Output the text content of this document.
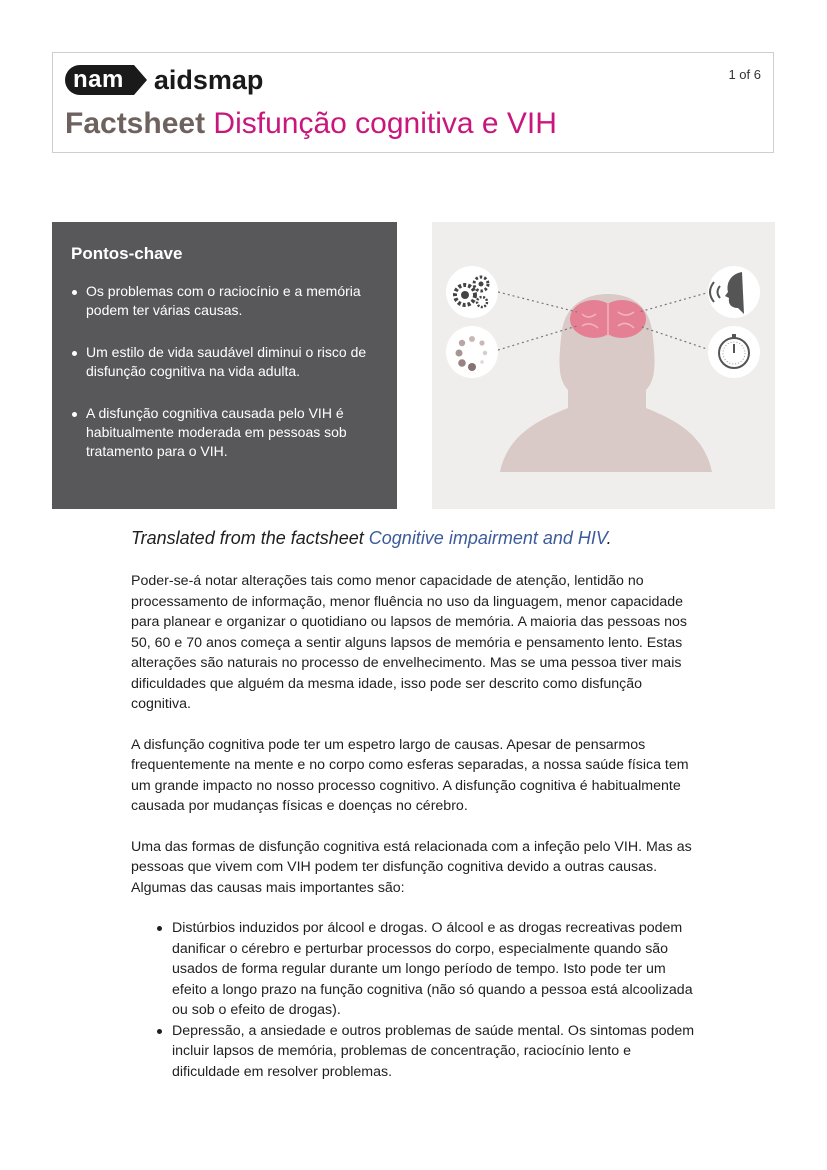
nam	aidsmap	1 of 6
Factsheet Disfunção cognitiva e VIH
Pontos-chave
Os problemas com o raciocínio e a memória podem ter várias causas.
Um estilo de vida saudável diminui o risco de disfunção cognitiva na vida adulta.
A disfunção cognitiva causada pelo VIH é habitualmente moderada em pessoas sob tratamento para o VIH.

Translated from the factsheet Cognitive impairment and HIV.

Poder-se-á notar alterações tais como menor capacidade de atenção, lentidão no processamento de informação, menor fluência no uso da linguagem, menor capacidade para planear e organizar o quotidiano ou lapsos de memória. A maioria das pessoas nos 50, 60 e 70 anos começa a sentir alguns lapsos de memória e pensamento lento. Estas alterações são naturais no processo de envelhecimento. Mas se uma pessoa tiver mais dificuldades que alguém da mesma idade, isso pode ser descrito como disfunção cognitiva.

A disfunção cognitiva pode ter um espetro largo de causas. Apesar de pensarmos frequentemente na mente e no corpo como esferas separadas, a nossa saúde física tem um grande impacto no nosso processo cognitivo. A disfunção cognitiva é habitualmente causada por mudanças físicas e doenças no cérebro.

Uma das formas de disfunção cognitiva está relacionada com a infeção pelo VIH. Mas as pessoas que vivem com VIH podem ter disfunção cognitiva devido a outras causas. Algumas das causas mais importantes são:

Distúrbios induzidos por álcool e drogas. O álcool e as drogas recreativas podem danificar o cérebro e perturbar processos do corpo, especialmente quando são usados de forma regular durante um longo período de tempo. Isto pode ter um efeito a longo prazo na função cognitiva (não só quando a pessoa está alcoolizada ou sob o efeito de drogas).
Depressão, a ansiedade e outros problemas de saúde mental. Os sintomas podem incluir lapsos de memória, problemas de concentração, raciocínio lento e dificuldade em resolver problemas.
